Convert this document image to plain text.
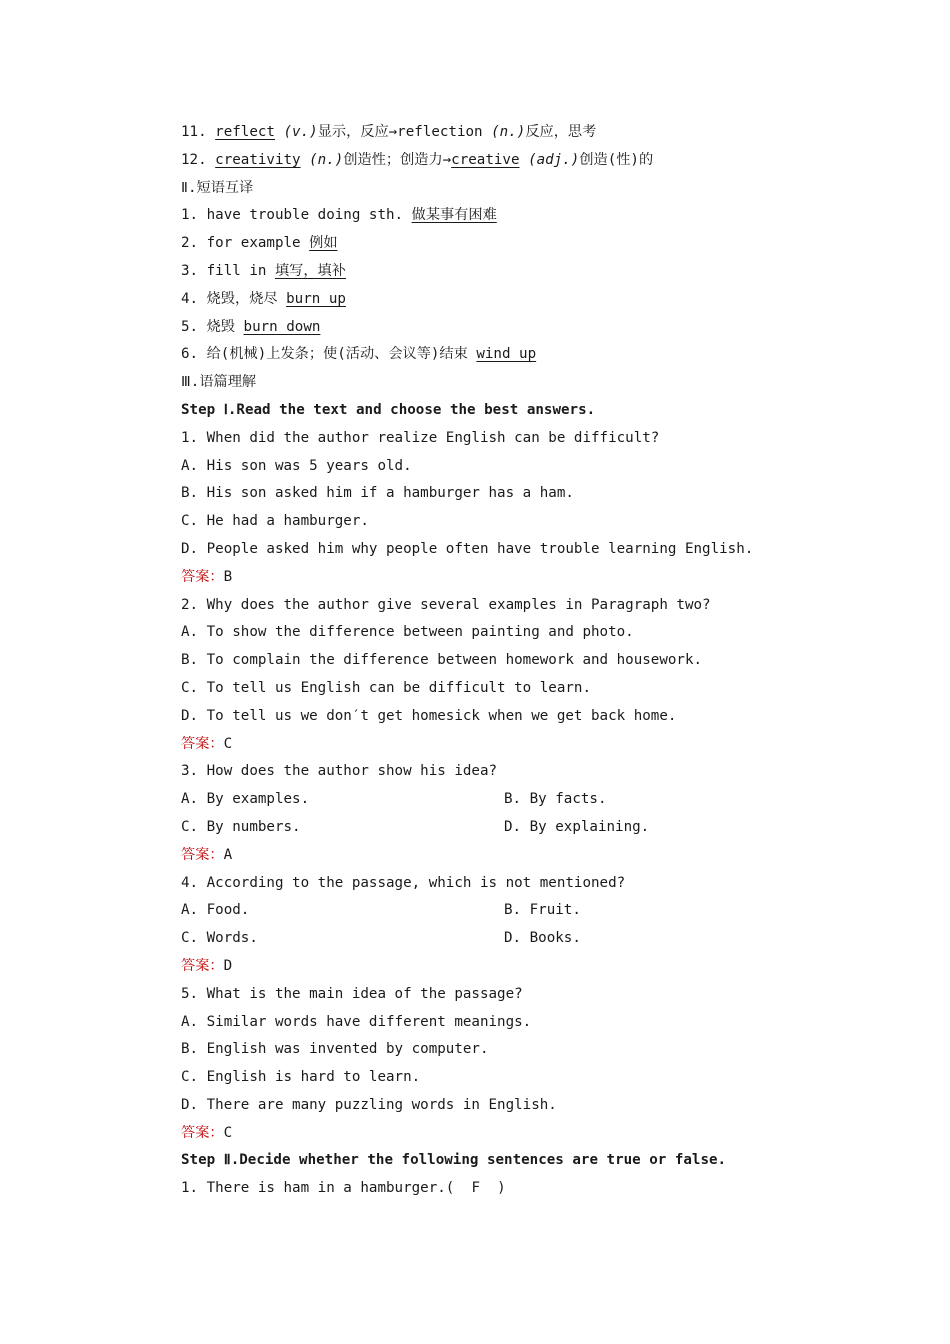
11. reflect (v.)显示，反应→reflection (n.)反应，思考
12. creativity (n.)创造性；创造力→creative (adj.)创造(性)的
Ⅱ.短语互译
1. have trouble doing sth. 做某事有困难
2. for example 例如
3. fill in 填写，填补
4. 烧毁，烧尽 burn up
5. 烧毁 burn down
6. 给(机械)上发条；使(活动、会议等)结束 wind up
Ⅲ.语篇理解
Step Ⅰ.Read the text and choose the best answers.
1. When did the author realize English can be difficult?
A. His son was 5 years old.
B. His son asked him if a hamburger has a ham.
C. He had a hamburger.
D. People asked him why people often have trouble learning English.
答案：B
2. Why does the author give several examples in Paragraph two?
A. To show the difference between painting and photo.
B. To complain the difference between homework and housework.
C. To tell us English can be difficult to learn.
D. To tell us we don′t get homesick when we get back home.
答案：C
3. How does the author show his idea?
A. By examples.	B. By facts.
C. By numbers.	D. By explaining.
答案：A
4. According to the passage, which is not mentioned?
A. Food.	B. Fruit.
C. Words.	D. Books.
答案：D
5. What is the main idea of the passage?
A. Similar words have different meanings.
B. English was invented by computer.
C. English is hard to learn.
D. There are many puzzling words in English.
答案：C
Step Ⅱ.Decide whether the following sentences are true or false.
1. There is ham in a hamburger.( F )
